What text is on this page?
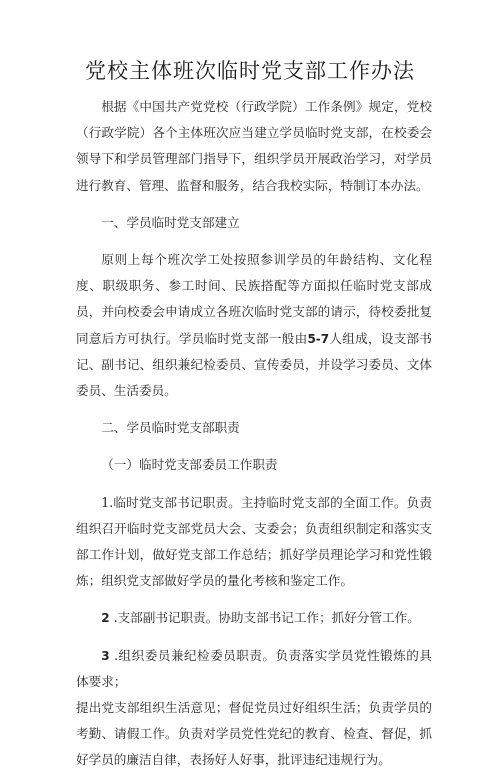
党校主体班次临时党支部工作办法

根据《中国共产党党校（行政学院）工作条例》规定，党校（行政学院）各个主体班次应当建立学员临时党支部，在校委会领导下和学员管理部门指导下，组织学员开展政治学习，对学员进行教育、管理、监督和服务，结合我校实际，特制订本办法。

一、学员临时党支部建立

原则上每个班次学工处按照参训学员的年龄结构、文化程度、职级职务、参工时间、民族搭配等方面拟任临时党支部成员，并向校委会申请成立各班次临时党支部的请示，待校委批复同意后方可执行。学员临时党支部一般由5-7人组成，设支部书记、副书记、组织兼纪检委员、宣传委员，并设学习委员、文体委员、生活委员。

二、学员临时党支部职责

（一）临时党支部委员工作职责

1.临时党支部书记职责。主持临时党支部的全面工作。负责组织召开临时党支部党员大会、支委会；负责组织制定和落实支部工作计划，做好党支部工作总结；抓好学员理论学习和党性锻炼；组织党支部做好学员的量化考核和鉴定工作。

2 .支部副书记职责。协助支部书记工作；抓好分管工作。

3 .组织委员兼纪检委员职责。负责落实学员党性锻炼的具体要求；

提出党支部组织生活意见；督促党员过好组织生活；负责学员的考勤、请假工作。负责对学员党性党纪的教育、检查、督促，抓好学员的廉洁自律，表扬好人好事，批评违纪违规行为。
